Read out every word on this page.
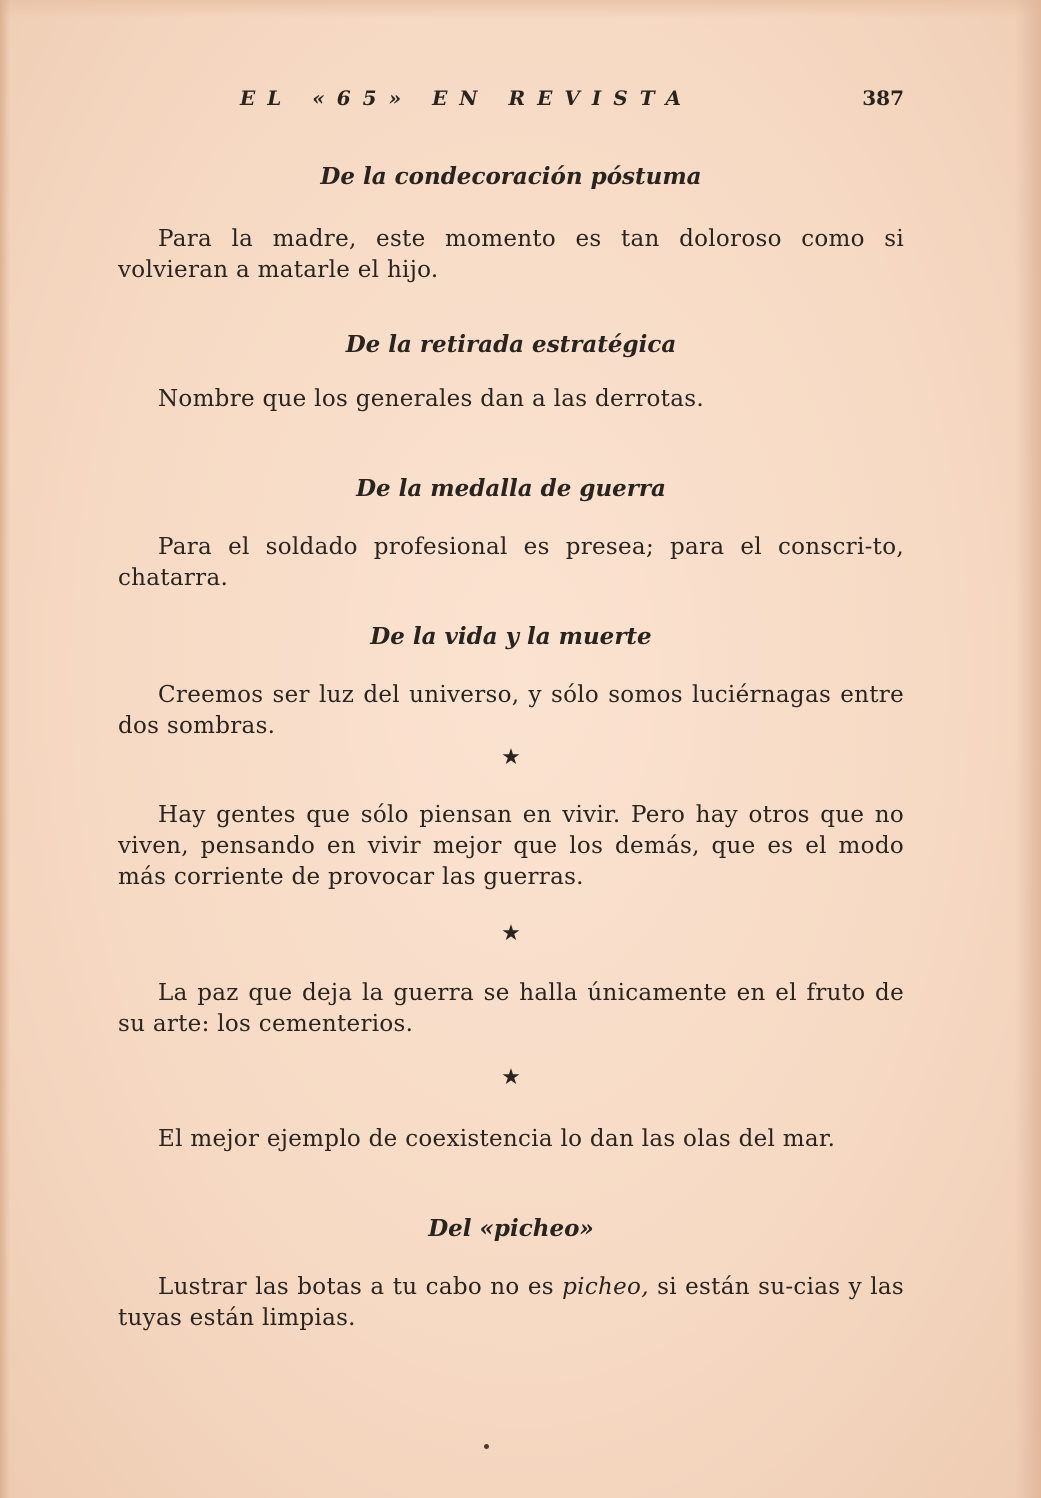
EL «65» EN REVISTA	387
De la condecoración póstuma

Para la madre, este momento es tan doloroso como si volvieran a matarle el hijo.

De la retirada estratégica

Nombre que los generales dan a las derrotas.

De la medalla de guerra

Para el soldado profesional es presea; para el conscri-to, chatarra.

De la vida y la muerte

Creemos ser luz del universo, y sólo somos luciérnagas entre dos sombras.

★

Hay gentes que sólo piensan en vivir. Pero hay otros que no viven, pensando en vivir mejor que los demás, que es el modo más corriente de provocar las guerras.

★

La paz que deja la guerra se halla únicamente en el fruto de su arte: los cementerios.

★

El mejor ejemplo de coexistencia lo dan las olas del mar.

Del «picheo»

Lustrar las botas a tu cabo no es picheo, si están su-cias y las tuyas están limpias.
